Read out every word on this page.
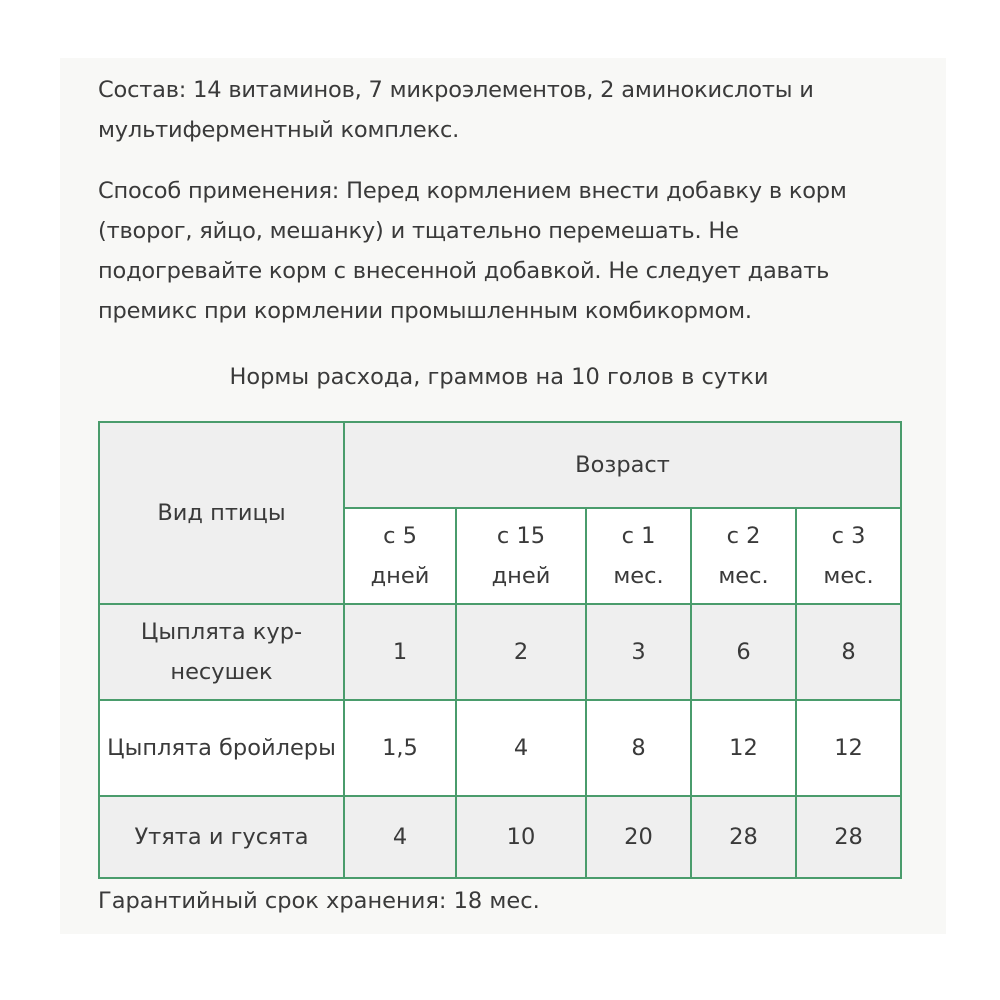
Состав: 14 витаминов, 7 микроэлементов, 2 аминокислоты и мультиферментный комплекс.

Способ применения: Перед кормлением внести добавку в корм (творог, яйцо, мешанку) и тщательно перемешать. Не подогревайте корм с внесенной добавкой. Не следует давать премикс при кормлении промышленным комбикормом.

Нормы расхода, граммов на 10 голов в сутки
Вид птицы	Возраст				

	с 5 дней	с 15 дней	с 1 мес.	с 2 мес.	с 3 мес.

Цыплята кур-несушек	1	2	3	6	8
Цыплята бройлеры	1,5	4	8	12	12
Утята и гусята	4	10	20	28	28

Гарантийный срок хранения: 18 мес.
